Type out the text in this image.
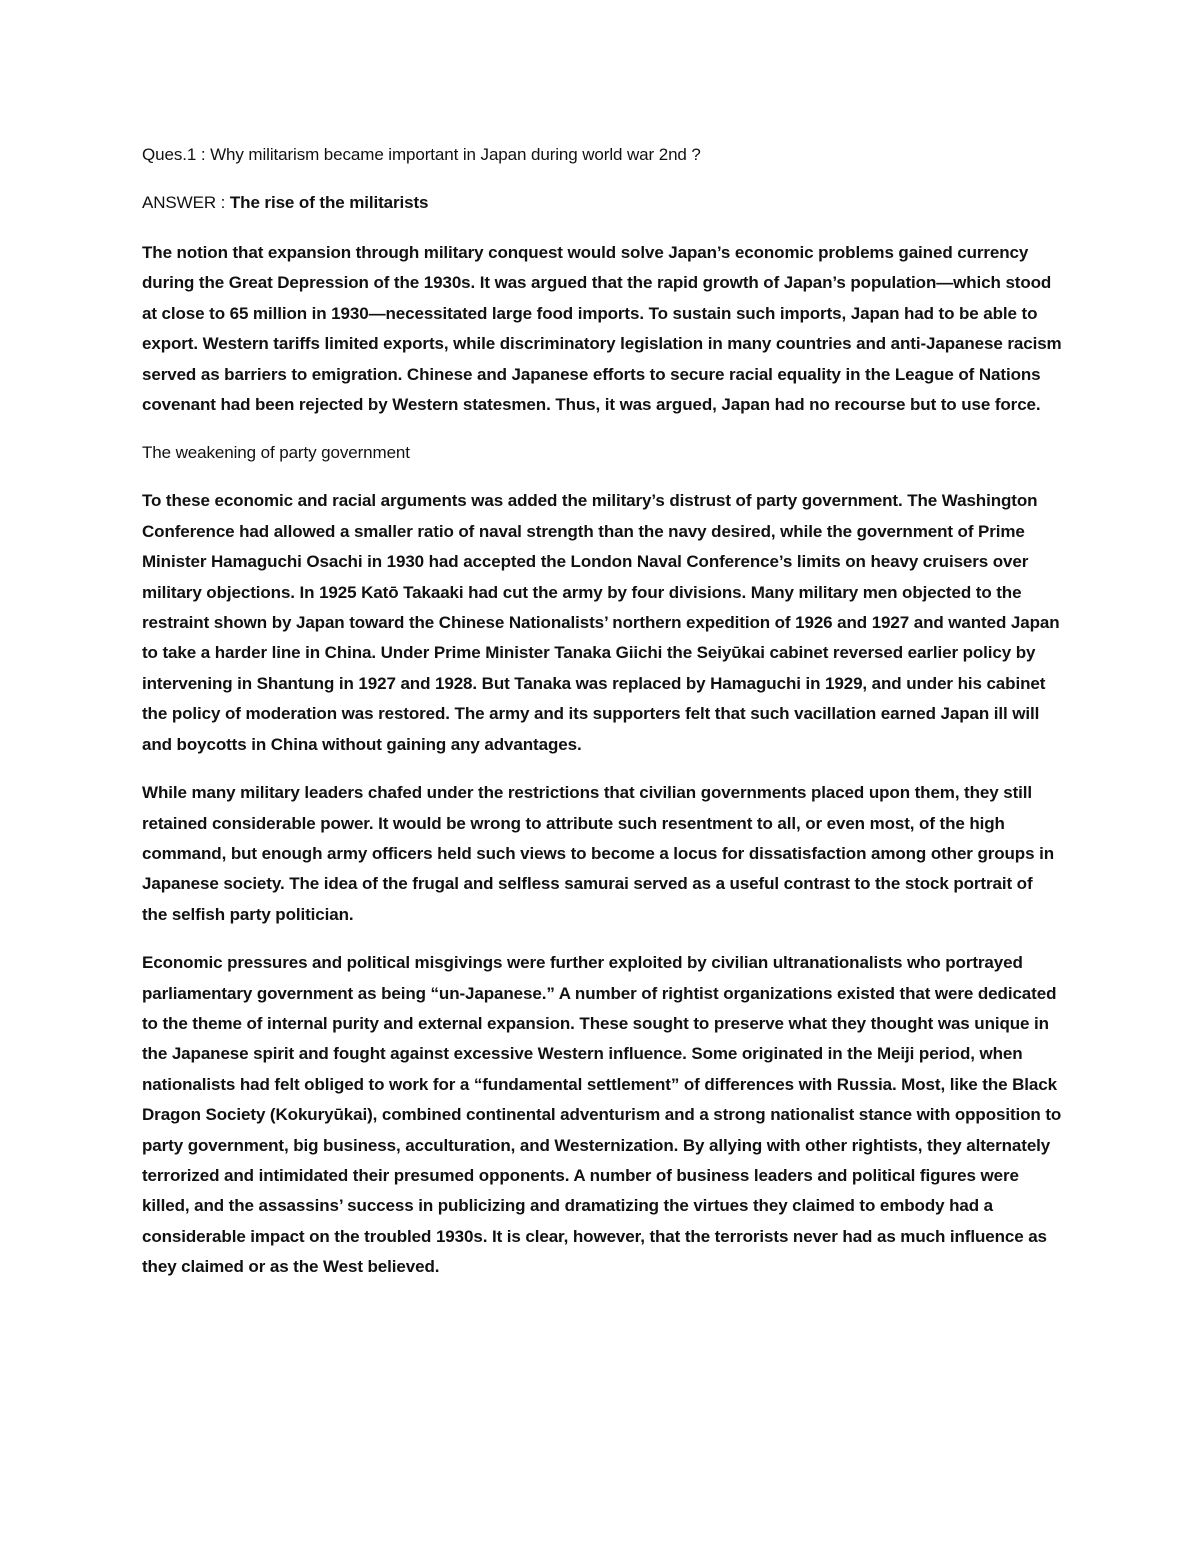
Ques.1 : Why militarism became important in Japan during world war 2nd ?

ANSWER : The rise of the militarists

The notion that expansion through military conquest would solve Japan’s economic problems gained currency during the Great Depression of the 1930s. It was argued that the rapid growth of Japan’s population—which stood at close to 65 million in 1930—necessitated large food imports. To sustain such imports, Japan had to be able to export. Western tariffs limited exports, while discriminatory legislation in many countries and anti-Japanese racism served as barriers to emigration. Chinese and Japanese efforts to secure racial equality in the League of Nations covenant had been rejected by Western statesmen. Thus, it was argued, Japan had no recourse but to use force.

The weakening of party government

To these economic and racial arguments was added the military’s distrust of party government. The Washington Conference had allowed a smaller ratio of naval strength than the navy desired, while the government of Prime Minister Hamaguchi Osachi in 1930 had accepted the London Naval Conference’s limits on heavy cruisers over military objections. In 1925 Katō Takaaki had cut the army by four divisions. Many military men objected to the restraint shown by Japan toward the Chinese Nationalists’ northern expedition of 1926 and 1927 and wanted Japan to take a harder line in China. Under Prime Minister Tanaka Giichi the Seiyūkai cabinet reversed earlier policy by intervening in Shantung in 1927 and 1928. But Tanaka was replaced by Hamaguchi in 1929, and under his cabinet the policy of moderation was restored. The army and its supporters felt that such vacillation earned Japan ill will and boycotts in China without gaining any advantages.

While many military leaders chafed under the restrictions that civilian governments placed upon them, they still retained considerable power. It would be wrong to attribute such resentment to all, or even most, of the high command, but enough army officers held such views to become a locus for dissatisfaction among other groups in Japanese society. The idea of the frugal and selfless samurai served as a useful contrast to the stock portrait of the selfish party politician.

Economic pressures and political misgivings were further exploited by civilian ultranationalists who portrayed parliamentary government as being “un-Japanese.” A number of rightist organizations existed that were dedicated to the theme of internal purity and external expansion. These sought to preserve what they thought was unique in the Japanese spirit and fought against excessive Western influence. Some originated in the Meiji period, when nationalists had felt obliged to work for a “fundamental settlement” of differences with Russia. Most, like the Black Dragon Society (Kokuryūkai), combined continental adventurism and a strong nationalist stance with opposition to party government, big business, acculturation, and Westernization. By allying with other rightists, they alternately terrorized and intimidated their presumed opponents. A number of business leaders and political figures were killed, and the assassins’ success in publicizing and dramatizing the virtues they claimed to embody had a considerable impact on the troubled 1930s. It is clear, however, that the terrorists never had as much influence as they claimed or as the West believed.
